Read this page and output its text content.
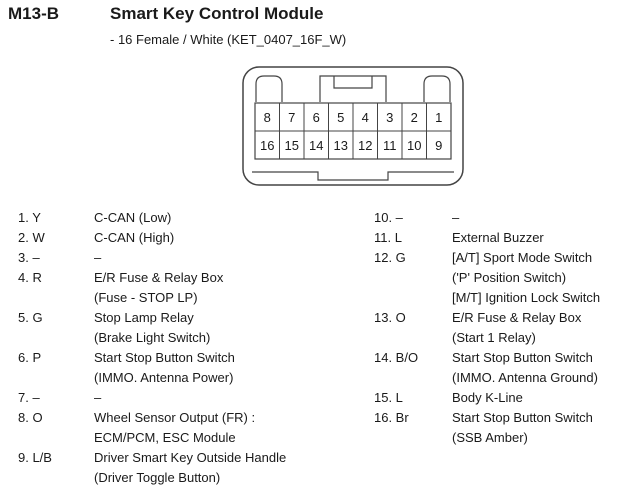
M13-B	Smart Key Control Module
- 16 Female / White (KET_0407_16F_W)
8 7 6 5 4 3 2 1
16 15 14 13 12 11 10 9
1. Y	C-CAN (Low)
2. W	C-CAN (High)
3. –	–
4. R	E/R Fuse & Relay Box
(Fuse - STOP LP)
5. G	Stop Lamp Relay
(Brake Light Switch)
6. P	Start Stop Button Switch
(IMMO. Antenna Power)
7. –	–
8. O	Wheel Sensor Output (FR) :
ECM/PCM, ESC Module
9. L/B	Driver Smart Key Outside Handle
(Driver Toggle Button)
10. –	–
11. L	External Buzzer
12. G	[A/T] Sport Mode Switch
('P' Position Switch)
[M/T] Ignition Lock Switch
13. O	E/R Fuse & Relay Box
(Start 1 Relay)
14. B/O	Start Stop Button Switch
(IMMO. Antenna Ground)
15. L	Body K-Line
16. Br	Start Stop Button Switch
(SSB Amber)
